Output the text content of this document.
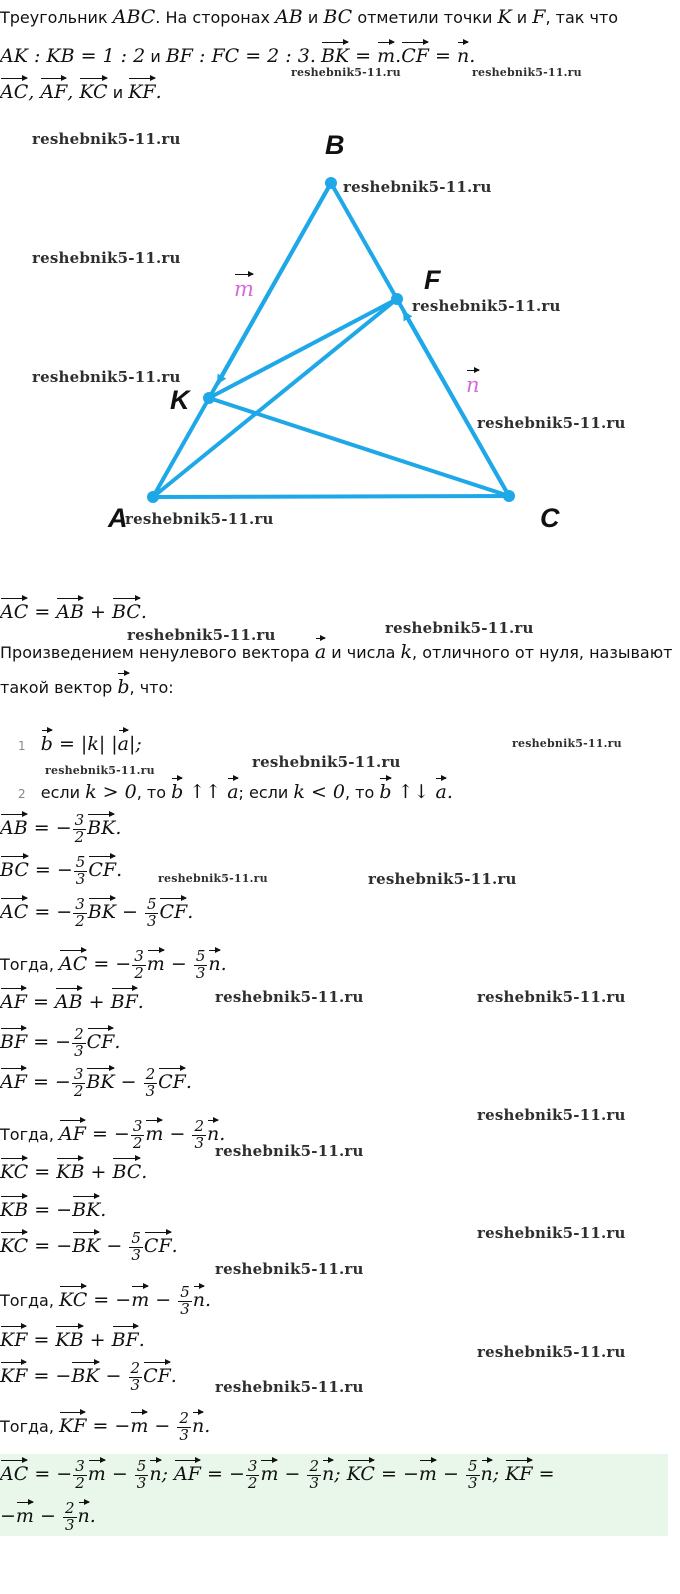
Треугольник ABC. На сторонах AB и BC отметили точки K и F, так что
AK : KB = 1 : 2 и BF : FC = 2 : 3. BK = m.CF = n.
reshebnik5-11.ru	reshebnik5-11.ru
AC, AF, KC и KF.
B
F
K
A	C
m
n
reshebnik5-11.ru
reshebnik5-11.ru
reshebnik5-11.ru
reshebnik5-11.ru
reshebnik5-11.ru
reshebnik5-11.ru
reshebnik5-11.ru
AC = AB + BC.
reshebnik5-11.ru	reshebnik5-11.ru
Произведением ненулевого вектора a и числа k, отличного от нуля, называют
такой вектор b, что:
1 b = |k| |a|;	reshebnik5-11.ru
reshebnik5-11.ru
reshebnik5-11.ru
2 если k > 0, то b ↑↑ a; если k < 0, то b ↑↓ a.
AB = − $\frac{3}{2}$ BK.
BC = − $\frac{5}{3}$ CF.	reshebnik5-11.ru	reshebnik5-11.ru
AC = − $\frac{3}{2}$ BK − $\frac{5}{3}$ CF.
Тогда, AC = − $\frac{3}{2}$ $m - \frac{5}{3} n$.
AF = AB + BF.	reshebnik5-11.ru	reshebnik5-11.ru
BF = − $\frac{2}{3}$ CF.
AF = − $\frac{3}{2}$ BK − $\frac{2}{3}$ CF.
reshebnik5-11.ru
Тогда, AF = − $\frac{3}{2}$ $m - \frac{2}{3} n$.
reshebnik5-11.ru
KC = KB + BC.
KB = −BK.
KC = $-BK - \frac{5}{3}$ CF.
reshebnik5-11.ru
reshebnik5-11.ru
Тогда, KC = $-m - \frac{5}{3} n$.
KF = KB + BF.
reshebnik5-11.ru
KF = $-BK - \frac{2}{3}$ CF.	reshebnik5-11.ru
Тогда, KF = $-m - \frac{2}{3} n$.
AC = − $\frac{3}{2}$ $m - \frac{5}{3} n$; AF = − $\frac{3}{2}$ $m - \frac{2}{3} n$; KC = $-m - \frac{5}{3} n$; KF =
$-m - \frac{2}{3} n$.
